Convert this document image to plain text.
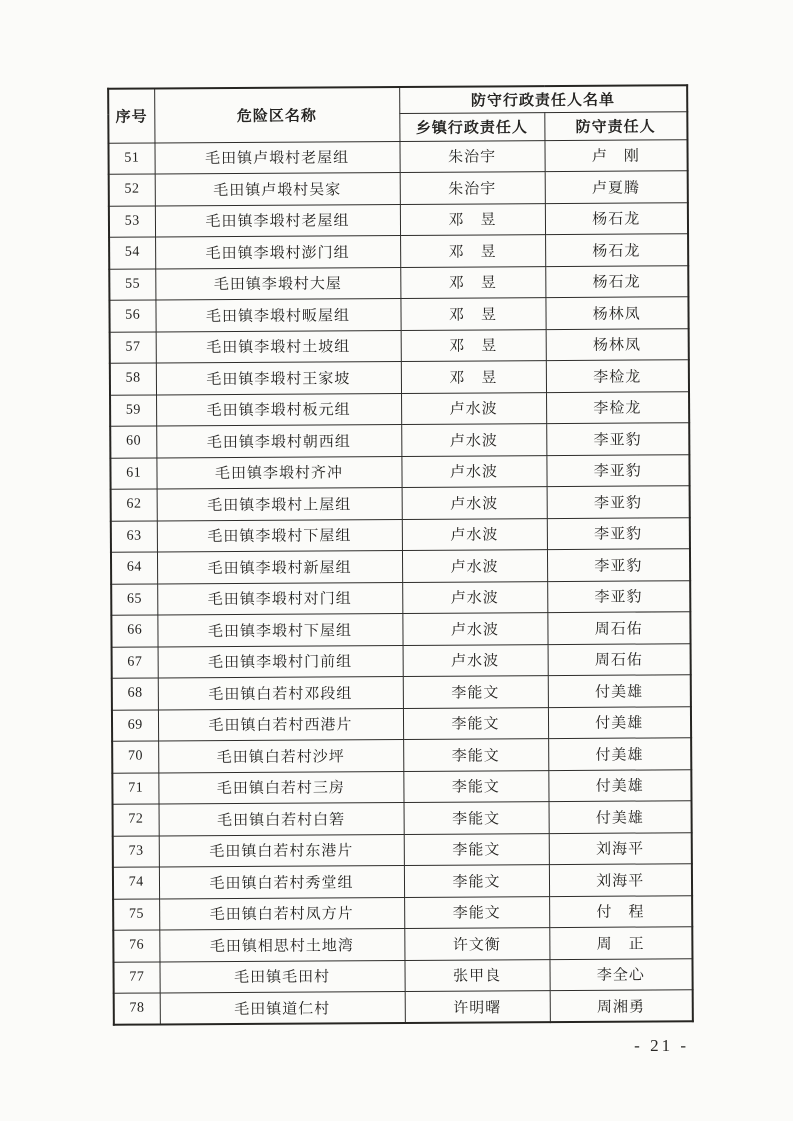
序号	危险区名称	防守行政责任人名单	
		乡镇行政责任人	防守责任人
51	毛田镇卢塅村老屋组	朱治宇	卢　刚
52	毛田镇卢塅村吴家	朱治宇	卢夏腾
53	毛田镇李塅村老屋组	邓　昱	杨石龙
54	毛田镇李塅村澎门组	邓　昱	杨石龙
55	毛田镇李塅村大屋	邓　昱	杨石龙
56	毛田镇李塅村畈屋组	邓　昱	杨林凤
57	毛田镇李塅村土坡组	邓　昱	杨林凤
58	毛田镇李塅村王家坡	邓　昱	李检龙
59	毛田镇李塅村板元组	卢水波	李检龙
60	毛田镇李塅村朝西组	卢水波	李亚豹
61	毛田镇李塅村齐冲	卢水波	李亚豹
62	毛田镇李塅村上屋组	卢水波	李亚豹
63	毛田镇李塅村下屋组	卢水波	李亚豹
64	毛田镇李塅村新屋组	卢水波	李亚豹
65	毛田镇李塅村对门组	卢水波	李亚豹
66	毛田镇李塅村下屋组	卢水波	周石佑
67	毛田镇李塅村门前组	卢水波	周石佑
68	毛田镇白若村邓段组	李能文	付美雄
69	毛田镇白若村西港片	李能文	付美雄
70	毛田镇白若村沙坪	李能文	付美雄
71	毛田镇白若村三房	李能文	付美雄
72	毛田镇白若村白箬	李能文	付美雄
73	毛田镇白若村东港片	李能文	刘海平
74	毛田镇白若村秀堂组	李能文	刘海平
75	毛田镇白若村凤方片	李能文	付　程
76	毛田镇相思村土地湾	许文衡	周　正
77	毛田镇毛田村	张甲良	李全心
78	毛田镇道仁村	许明曙	周湘勇
- 21 -
